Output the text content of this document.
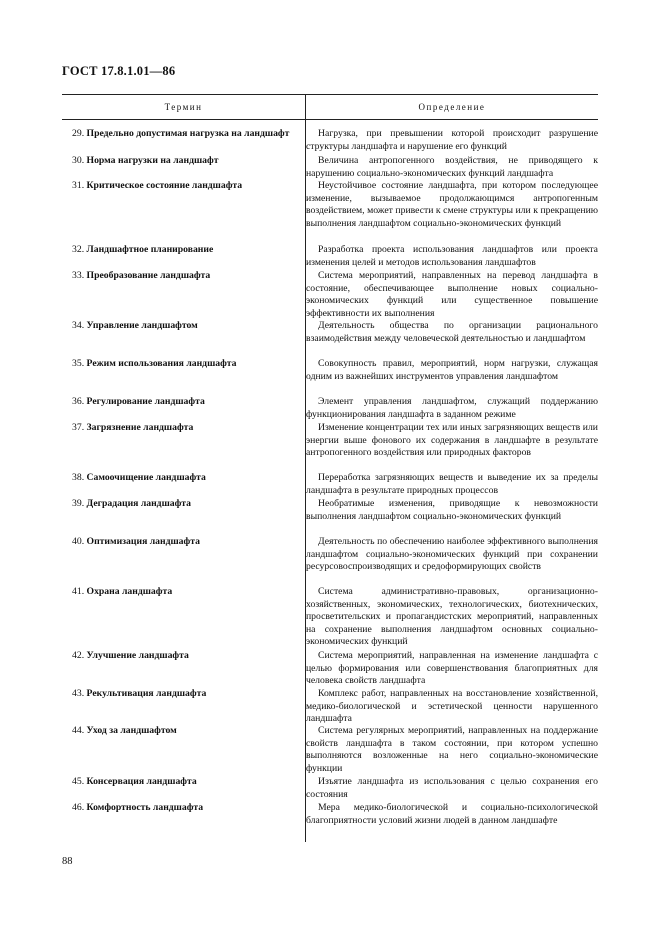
ГОСТ 17.8.1.01—86
Термин	Определение
29. Предельно допустимая нагрузка на ландшафт	Нагрузка, при превышении которой происходит разрушение структуры ландшафта и нарушение его функций
30. Норма нагрузки на ландшафт	Величина антропогенного воздействия, не приводящего к нарушению социально-экономических функций ландшафта
31. Критическое состояние ландшафта	Неустойчивое состояние ландшафта, при котором последующее изменение, вызываемое продолжающимся антропогенным воздействием, может привести к смене структуры или к прекращению выполнения ландшафтом социально-экономических функций
32. Ландшафтное планирование	Разработка проекта использования ландшафтов или проекта изменения целей и методов использования ландшафтов
33. Преобразование ландшафта	Система мероприятий, направленных на перевод ландшафта в состояние, обеспечивающее выполнение новых социально-экономических функций или существенное повышение эффективности их выполнения
34. Управление ландшафтом	Деятельность общества по организации рационального взаимодействия между человеческой деятельностью и ландшафтом
35. Режим использования ландшафта	Совокупность правил, мероприятий, норм нагрузки, служащая одним из важнейших инструментов управления ландшафтом
36. Регулирование ландшафта	Элемент управления ландшафтом, служащий поддержанию функционирования ландшафта в заданном режиме
37. Загрязнение ландшафта	Изменение концентрации тех или иных загрязняющих веществ или энергии выше фонового их содержания в ландшафте в результате антропогенного воздействия или природных факторов
38. Самоочищение ландшафта	Переработка загрязняющих веществ и выведение их за пределы ландшафта в результате природных процессов
39. Деградация ландшафта	Необратимые изменения, приводящие к невозможности выполнения ландшафтом социально-экономических функций
40. Оптимизация ландшафта	Деятельность по обеспечению наиболее эффективного выполнения ландшафтом социально-экономических функций при сохранении ресурсовоспроизводящих и средоформирующих свойств
41. Охрана ландшафта	Система административно-правовых, организационно-хозяйственных, экономических, технологических, биотехнических, просветительских и пропагандистских мероприятий, направленных на сохранение выполнения ландшафтом основных социально-экономических функций
42. Улучшение ландшафта	Система мероприятий, направленная на изменение ландшафта с целью формирования или совершенствования благоприятных для человека свойств ландшафта
43. Рекультивация ландшафта	Комплекс работ, направленных на восстановление хозяйственной, медико-биологической и эстетической ценности нарушенного ландшафта
44. Уход за ландшафтом	Система регулярных мероприятий, направленных на поддержание свойств ландшафта в таком состоянии, при котором успешно выполняются возложенные на него социально-экономические функции
45. Консервация ландшафта	Изъятие ландшафта из использования с целью сохранения его состояния
46. Комфортность ландшафта	Мера медико-биологической и социально-психологической благоприятности условий жизни людей в данном ландшафте
88
